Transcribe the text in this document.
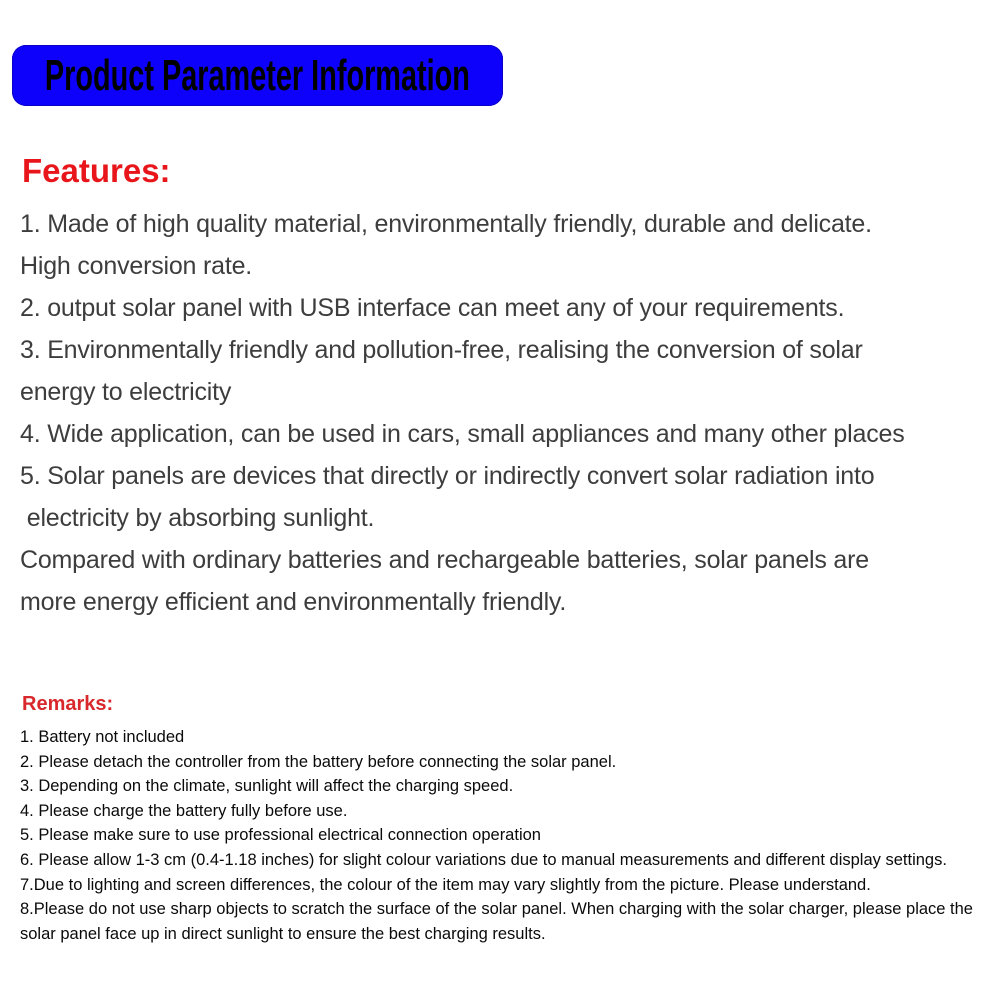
Product Parameter Information
Features:
1. Made of high quality material, environmentally friendly, durable and delicate.
High conversion rate.
2. output solar panel with USB interface can meet any of your requirements.
3. Environmentally friendly and pollution-free, realising the conversion of solar
energy to electricity
4. Wide application, can be used in cars, small appliances and many other places
5. Solar panels are devices that directly or indirectly convert solar radiation into
electricity by absorbing sunlight.
Compared with ordinary batteries and rechargeable batteries, solar panels are
more energy efficient and environmentally friendly.
Remarks:
1. Battery not included
2. Please detach the controller from the battery before connecting the solar panel.
3. Depending on the climate, sunlight will affect the charging speed.
4. Please charge the battery fully before use.
5. Please make sure to use professional electrical connection operation
6. Please allow 1-3 cm (0.4-1.18 inches) for slight colour variations due to manual measurements and different display settings.
7.Due to lighting and screen differences, the colour of the item may vary slightly from the picture. Please understand.
8.Please do not use sharp objects to scratch the surface of the solar panel. When charging with the solar charger, please place the solar panel face up in direct sunlight to ensure the best charging results.
